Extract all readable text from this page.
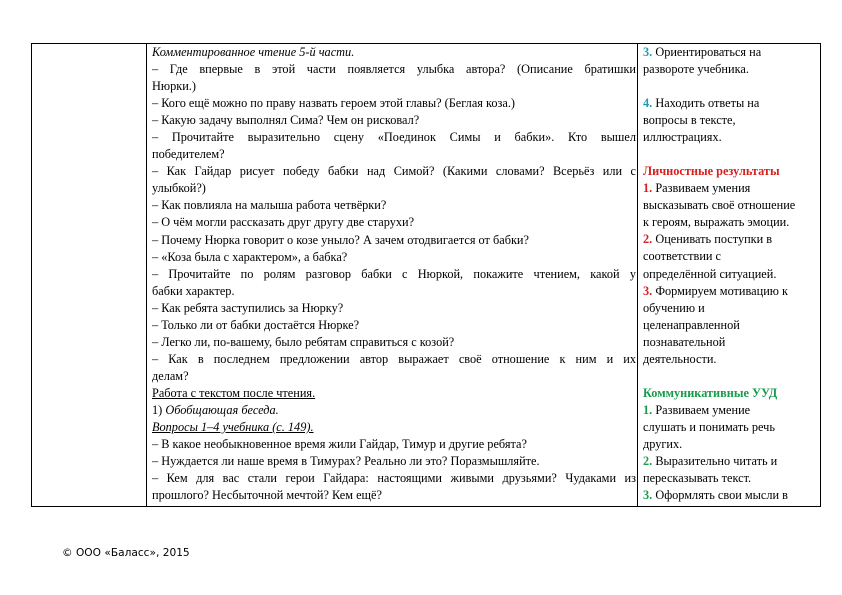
Комментированное чтение 5-й части.
– Где впервые в этой части появляется улыбка автора? (Описание братишки
Нюрки.)
– Кого ещё можно по праву назвать героем этой главы? (Беглая коза.)
– Какую задачу выполнял Сима? Чем он рисковал?
– Прочитайте выразительно сцену «Поединок Симы и бабки». Кто вышел
победителем?
– Как Гайдар рисует победу бабки над Симой? (Какими словами? Всерьёз или с
улыбкой?)
– Как повлияла на малыша работа четвёрки?
– О чём могли рассказать друг другу две старухи?
– Почему Нюрка говорит о козе уныло? А зачем отодвигается от бабки?
– «Коза была с характером», а бабка?
– Прочитайте по ролям разговор бабки с Нюркой, покажите чтением, какой у
бабки характер.
– Как ребята заступились за Нюрку?
– Только ли от бабки достаётся Нюрке?
– Легко ли, по-вашему, было ребятам справиться с козой?
– Как в последнем предложении автор выражает своё отношение к ним и их
делам?
Работа с текстом после чтения.
1) Обобщающая беседа.
Вопросы 1–4 учебника (с. 149).
– В какое необыкновенное время жили Гайдар, Тимур и другие ребята?
– Нуждается ли наше время в Тимурах? Реально ли это? Поразмышляйте.
– Кем для вас стали герои Гайдара: настоящими живыми друзьями? Чудаками из
прошлого? Несбыточной мечтой? Кем ещё?
3. Ориентироваться на
развороте учебника.
4. Находить ответы на
вопросы в тексте,
иллюстрациях.
Личностные результаты
1. Развиваем умения
высказывать своё отношение
к героям, выражать эмоции.
2. Оценивать поступки в
соответствии с
определённой ситуацией.
3. Формируем мотивацию к
обучению и
целенаправленной
познавательной
деятельности.
Коммуникативные УУД
1. Развиваем умение
слушать и понимать речь
других.
2. Выразительно читать и
пересказывать текст.
3. Оформлять свои мысли в
© ООО «Баласс», 2015
